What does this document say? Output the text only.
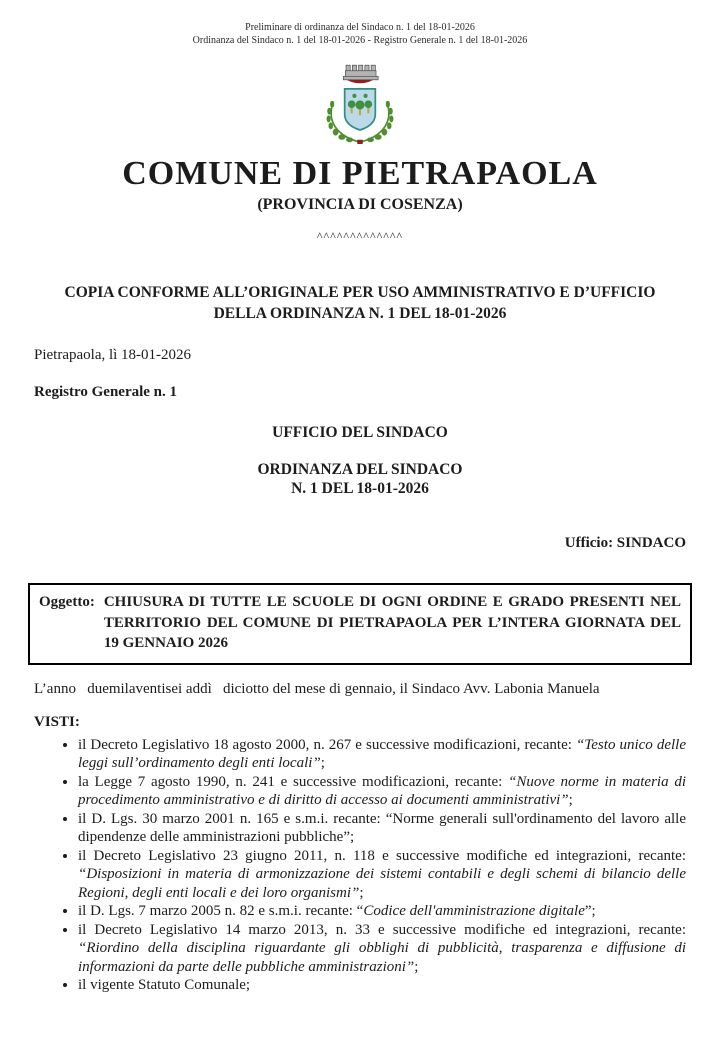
Preliminare di ordinanza del Sindaco n. 1 del 18-01-2026
Ordinanza del Sindaco n. 1 del 18-01-2026 - Registro Generale n. 1 del 18-01-2026
COMUNE DI PIETRAPAOLA
(PROVINCIA DI COSENZA)
^^^^^^^^^^^^^
COPIA CONFORME ALL’ORIGINALE PER USO AMMINISTRATIVO E D’UFFICIO
DELLA ORDINANZA N. 1 DEL 18-01-2026
Pietrapaola, lì 18-01-2026
Registro Generale n. 1
UFFICIO DEL SINDACO
ORDINANZA DEL SINDACO
N. 1 DEL 18-01-2026
Ufficio: SINDACO
Oggetto: CHIUSURA DI TUTTE LE SCUOLE DI OGNI ORDINE E GRADO PRESENTI NEL TERRITORIO DEL COMUNE DI PIETRAPAOLA PER L’INTERA GIORNATA DEL 19 GENNAIO 2026
L’anno   duemilaventisei addì   diciotto del mese di gennaio, il Sindaco Avv. Labonia Manuela
VISTI:
• il Decreto Legislativo 18 agosto 2000, n. 267 e successive modificazioni, recante: “Testo unico delle leggi sull’ordinamento degli enti locali”;
• la Legge 7 agosto 1990, n. 241 e successive modificazioni, recante: “Nuove norme in materia di procedimento amministrativo e di diritto di accesso ai documenti amministrativi”;
• il D. Lgs. 30 marzo 2001 n. 165 e s.m.i. recante: “Norme generali sull'ordinamento del lavoro alle dipendenze delle amministrazioni pubbliche”;
• il Decreto Legislativo 23 giugno 2011, n. 118 e successive modifiche ed integrazioni, recante: “Disposizioni in materia di armonizzazione dei sistemi contabili e degli schemi di bilancio delle Regioni, degli enti locali e dei loro organismi”;
• il D. Lgs. 7 marzo 2005 n. 82 e s.m.i. recante: “Codice dell'amministrazione digitale”;
• il Decreto Legislativo 14 marzo 2013, n. 33 e successive modifiche ed integrazioni, recante: “Riordino della disciplina riguardante gli obblighi di pubblicità, trasparenza e diffusione di informazioni da parte delle pubbliche amministrazioni”;
• il vigente Statuto Comunale;
